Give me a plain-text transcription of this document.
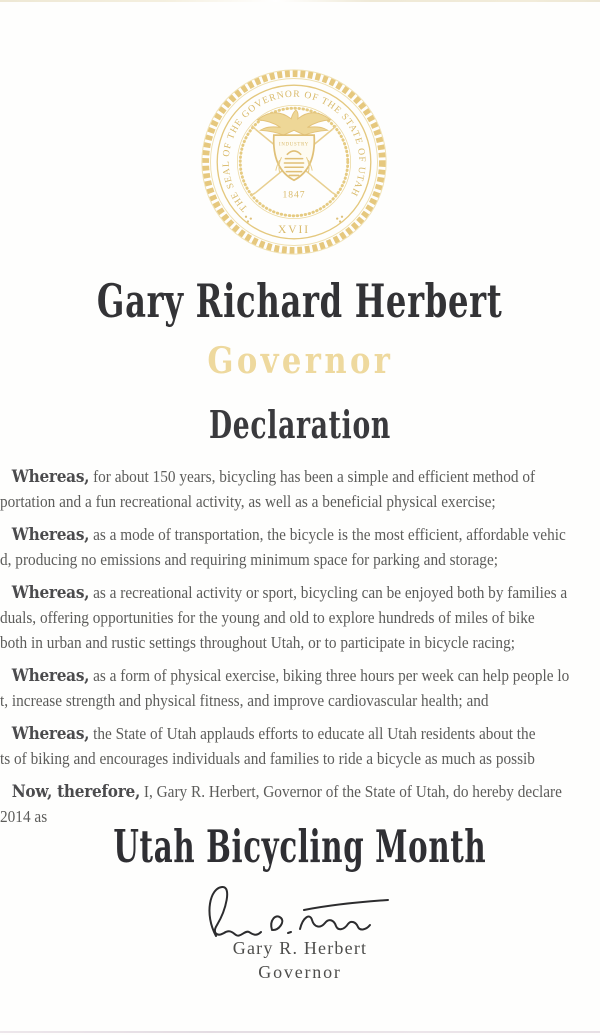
THE SEAL OF THE GOVERNOR OF THE STATE OF UTAH
INDUSTRY
1847
XVII
Gary Richard Herbert
Governor
Declaration
Whereas, for about 150 years, bicycling has been a simple and efficient method of
portation and a fun recreational activity, as well as a beneficial physical exercise;
Whereas, as a mode of transportation, the bicycle is the most efficient, affordable vehic
d, producing no emissions and requiring minimum space for parking and storage;
Whereas, as a recreational activity or sport, bicycling can be enjoyed both by families a
duals, offering opportunities for the young and old to explore hundreds of miles of bike
both in urban and rustic settings throughout Utah, or to participate in bicycle racing;
Whereas, as a form of physical exercise, biking three hours per week can help people lo
t, increase strength and physical fitness, and improve cardiovascular health; and
Whereas, the State of Utah applauds efforts to educate all Utah residents about the
ts of biking and encourages individuals and families to ride a bicycle as much as possib
Now, therefore, I, Gary R. Herbert, Governor of the State of Utah, do hereby declare
2014 as
Utah Bicycling Month
Gary R. Herbert
Governor
